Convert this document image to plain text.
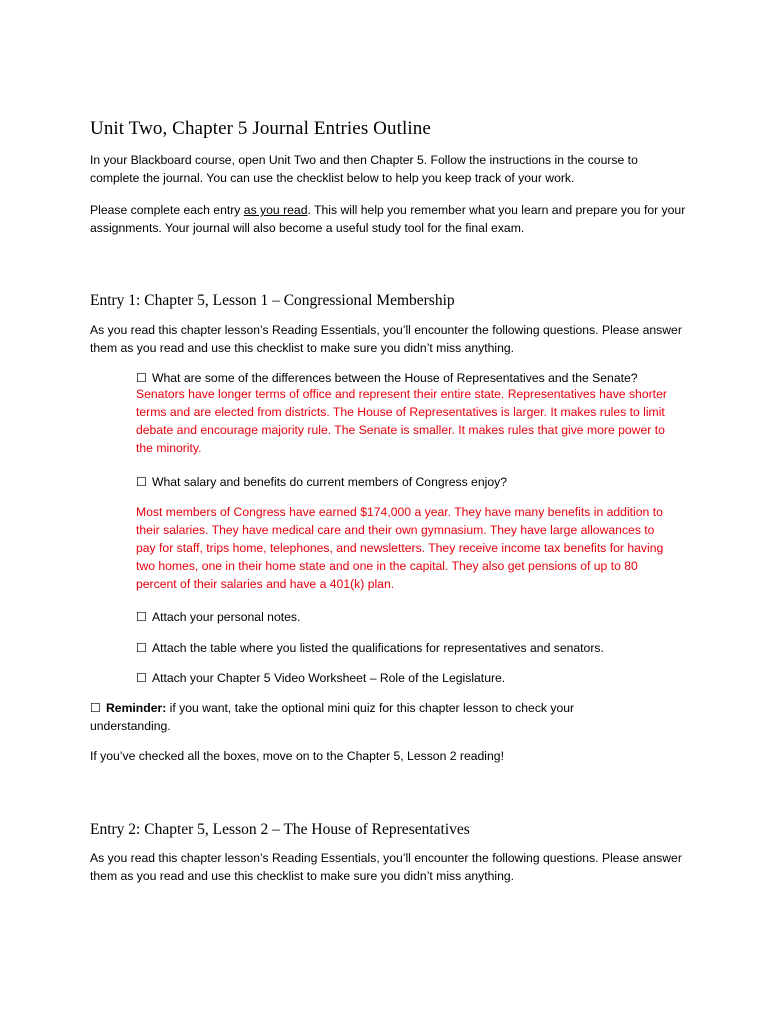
Unit Two, Chapter 5 Journal Entries Outline

In your Blackboard course, open Unit Two and then Chapter 5. Follow the instructions in the course to complete the journal. You can use the checklist below to help you keep track of your work.

Please complete each entry as you read. This will help you remember what you learn and prepare you for your assignments. Your journal will also become a useful study tool for the final exam.

Entry 1: Chapter 5, Lesson 1 – Congressional Membership

As you read this chapter lesson’s Reading Essentials, you’ll encounter the following questions. Please answer them as you read and use this checklist to make sure you didn’t miss anything.

☐ What are some of the differences between the House of Representatives and the Senate?

Senators have longer terms of office and represent their entire state. Representatives have shorter terms and are elected from districts. The House of Representatives is larger. It makes rules to limit debate and encourage majority rule. The Senate is smaller. It makes rules that give more power to the minority.

☐ What salary and benefits do current members of Congress enjoy?

Most members of Congress have earned $174,000 a year. They have many benefits in addition to their salaries. They have medical care and their own gymnasium. They have large allowances to pay for staff, trips home, telephones, and newsletters. They receive income tax benefits for having two homes, one in their home state and one in the capital. They also get pensions of up to 80 percent of their salaries and have a 401(k) plan.

☐ Attach your personal notes.

☐ Attach the table where you listed the qualifications for representatives and senators.

☐ Attach your Chapter 5 Video Worksheet – Role of the Legislature.

☐ Reminder: if you want, take the optional mini quiz for this chapter lesson to check your understanding.

If you’ve checked all the boxes, move on to the Chapter 5, Lesson 2 reading!

Entry 2: Chapter 5, Lesson 2 – The House of Representatives

As you read this chapter lesson’s Reading Essentials, you’ll encounter the following questions. Please answer them as you read and use this checklist to make sure you didn’t miss anything.
